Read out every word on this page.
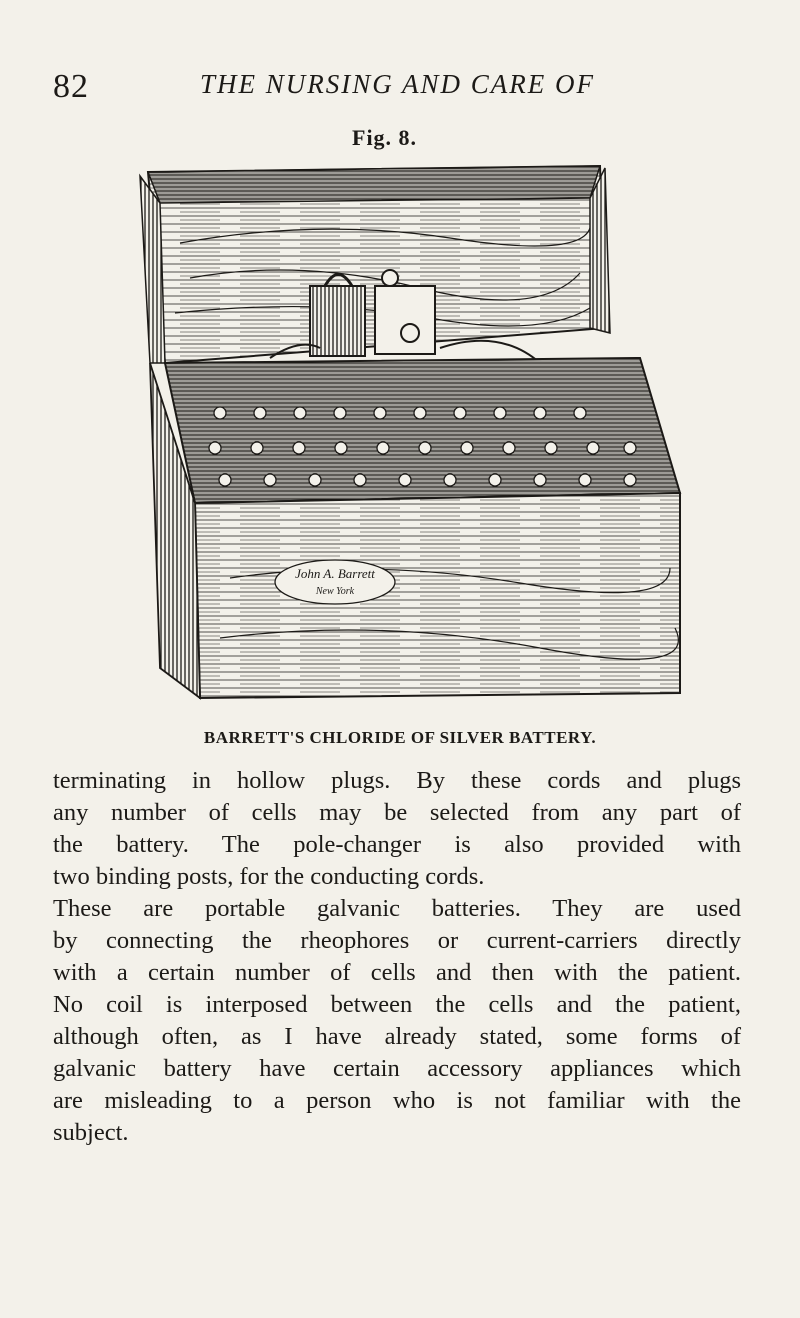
82	THE NURSING AND CARE OF
Fig. 8.
John A. Barrett
New York
BARRETT'S CHLORIDE OF SILVER BATTERY.
terminating in hollow plugs. By these cords and plugs
any number of cells may be selected from any part of
the battery. The pole-changer is also provided with
two binding posts, for the conducting cords.
These are portable galvanic batteries. They are used
by connecting the rheophores or current-carriers directly
with a certain number of cells and then with the patient.
No coil is interposed between the cells and the patient,
although often, as I have already stated, some forms of
galvanic battery have certain accessory appliances which
are misleading to a person who is not familiar with the
subject.
